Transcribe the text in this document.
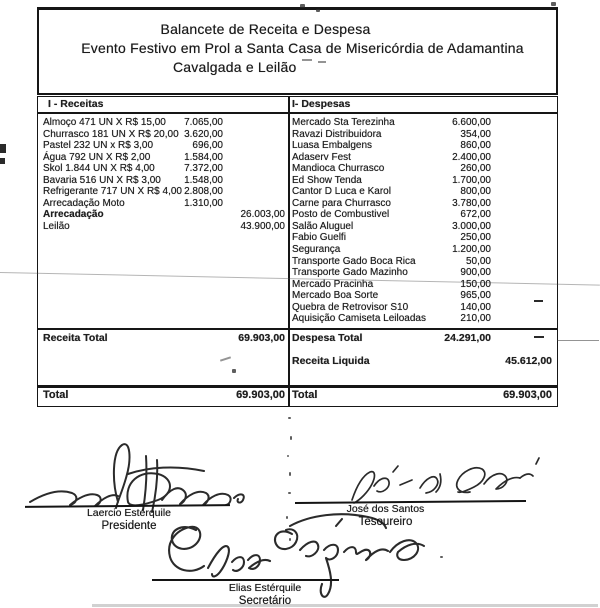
Balancete de Receita e Despesa
Evento Festivo em Prol a Santa Casa de Misericórdia de Adamantina
Cavalgada e Leilão
I - Receitas	I- Despesas
Almoço 471 UN X R$ 15,00 7.065,00
Churrasco 181 UN X R$ 20,00 3.620,00
Pastel 232 UN x R$ 3,00	696,00
Água 792 UN X R$ 2,00	1.584,00
Skol 1.844 UN X R$ 4,00	7.372,00
Bavaria 516 UN X R$ 3,00 1.548,00
Refrigerante 717 UN X R$ 4,00 2.808,00
Arrecadação Moto	1.310,00
Arrecadação	26.003,00
Leilão	43.900,00
Mercado Sta Terezinha	6.600,00
Ravazi Distribuidora	354,00
Luasa Embalgens	860,00
Adaserv Fest	2.400,00
Mandioca Churrasco	260,00
Ed Show Tenda	1.700,00
Cantor D Luca e Karol	800,00
Carne para Churrasco	3.780,00
Posto de Combustivel	672,00
Salão Aluguel	3.000,00
Fabio Guelfi	250,00
Segurança	1.200,00
Transporte Gado Boca Rica	50,00
Transporte Gado Mazinho	900,00
Mercado Pracinha	150,00
Mercado Boa Sorte	965,00
Quebra de Retrovisor S10	140,00
Aquisição Camiseta Leiloadas	210,00
Receita Total	69.903,00 Despesa Total	24.291,00
Receita Liquida	45.612,00
Total	69.903,00 Total	69.903,00
Laercio Estérquile
Presidente
José dos Santos
Tesoureiro
Elias Estérquile
Secretário
